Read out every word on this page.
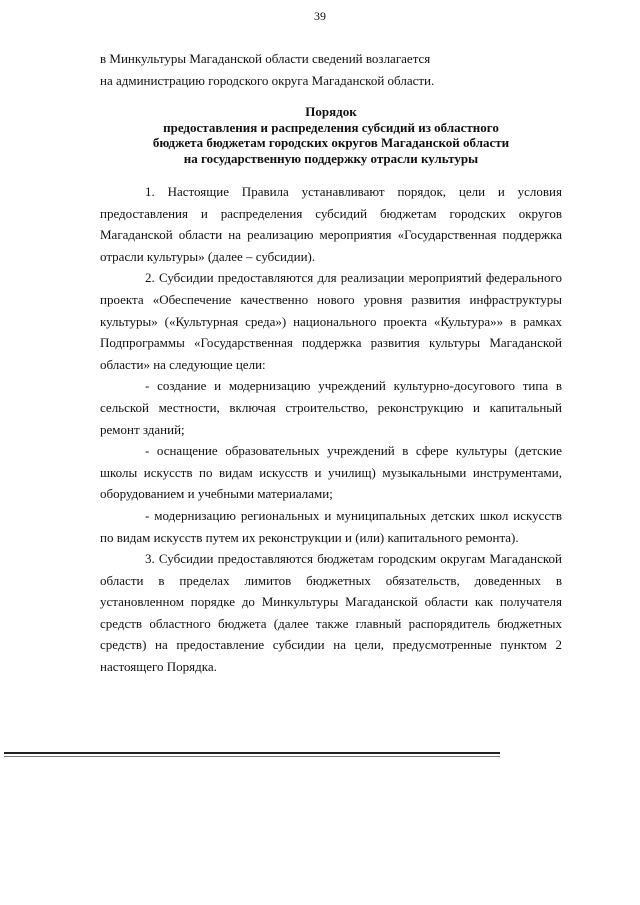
39

в Минкультуры Магаданской области сведений возлагается

на администрацию городского округа Магаданской области.

Порядок
предоставления и распределения субсидий из областного
бюджета бюджетам городских округов Магаданской области
на государственную поддержку отрасли культуры

1. Настоящие Правила устанавливают порядок, цели и условия предоставления и распределения субсидий бюджетам городских округов Магаданской области на реализацию мероприятия «Государственная поддержка отрасли культуры» (далее – субсидии).

2. Субсидии предоставляются для реализации мероприятий федерального проекта «Обеспечение качественно нового уровня развития инфраструктуры культуры» («Культурная среда») национального проекта «Культура»» в рамках Подпрограммы «Государственная поддержка развития культуры Магаданской области» на следующие цели:

- создание и модернизацию учреждений культурно-досугового типа в сельской местности, включая строительство, реконструкцию и капитальный ремонт зданий;

- оснащение образовательных учреждений в сфере культуры (детские школы искусств по видам искусств и училищ) музыкальными инструментами, оборудованием и учебными материалами;

- модернизацию региональных и муниципальных детских школ искусств по видам искусств путем их реконструкции и (или) капитального ремонта).

3. Субсидии предоставляются бюджетам городским округам Магаданской области в пределах лимитов бюджетных обязательств, доведенных в установленном порядке до Минкультуры Магаданской области как получателя средств областного бюджета (далее также главный распорядитель бюджетных средств) на предоставление субсидии на цели, предусмотренные пунктом 2 настоящего Порядка.
